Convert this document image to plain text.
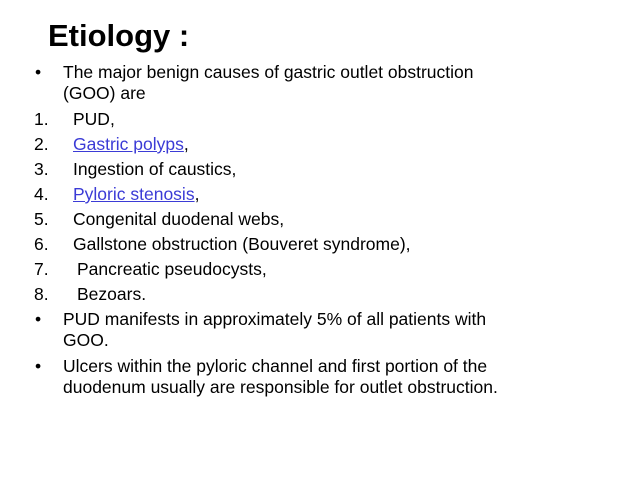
Etiology :
•	The major benign causes of gastric outlet obstruction
(GOO) are
1.	PUD,
2.	Gastric polyps,
3.	Ingestion of caustics,
4.	Pyloric stenosis,
5.	Congenital duodenal webs,
6.	Gallstone obstruction (Bouveret syndrome),
7.	Pancreatic pseudocysts,
8.	Bezoars.
•	PUD manifests in approximately 5% of all patients with
GOO.
•	Ulcers within the pyloric channel and first portion of the
duodenum usually are responsible for outlet obstruction.
